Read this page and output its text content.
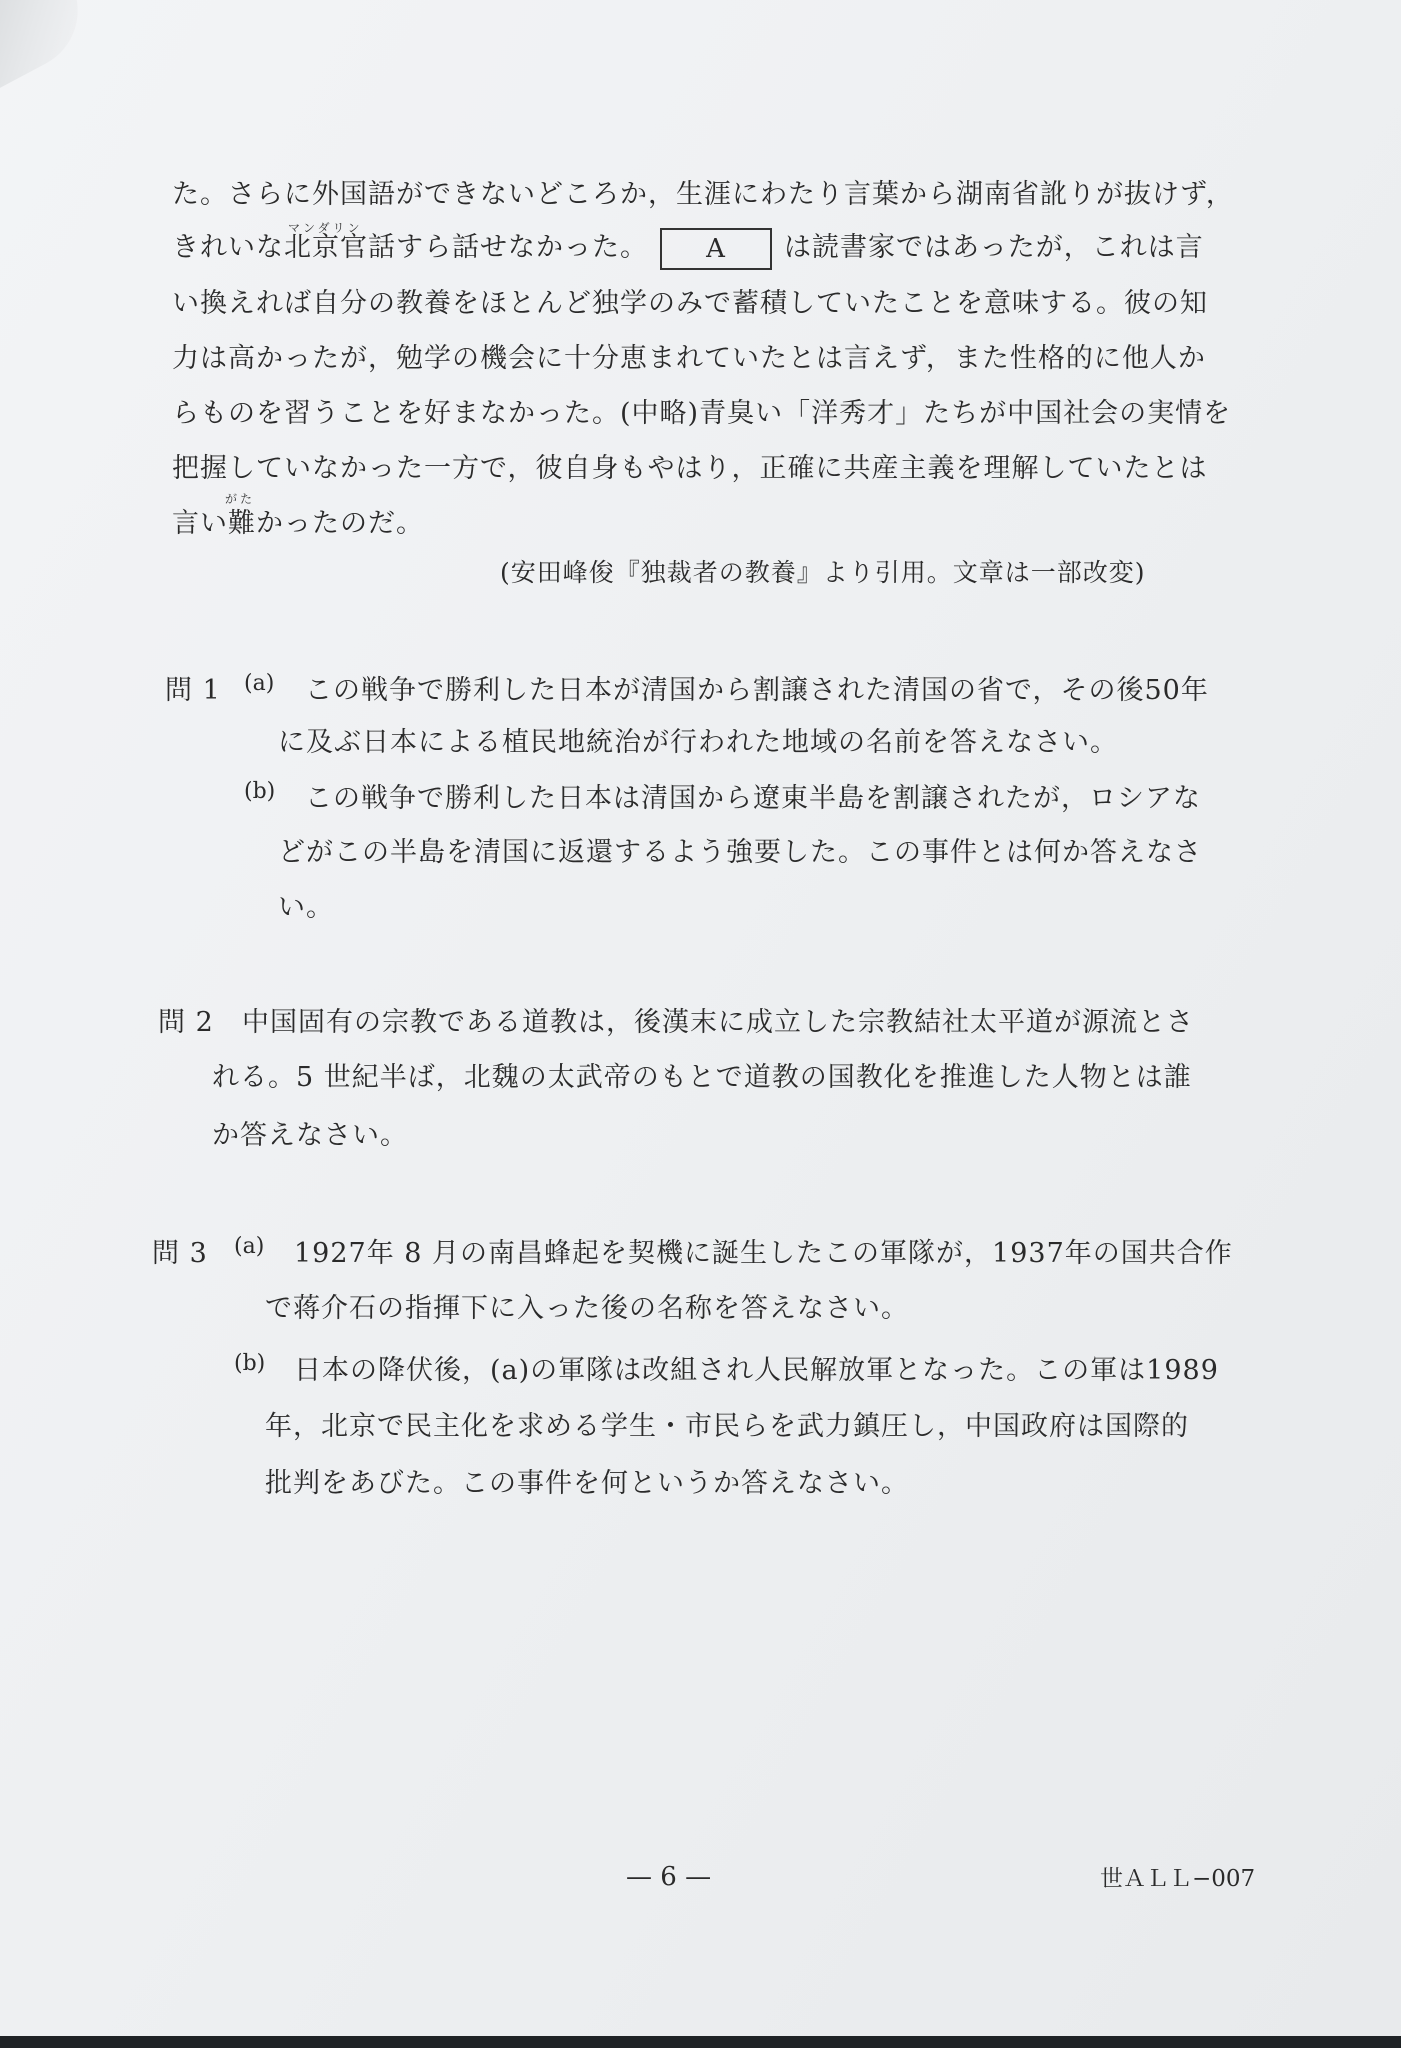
た。さらに外国語ができないどころか，生涯にわたり言葉から湖南省訛りが抜けず，
マンダリン
きれいな北京官話すら話せなかった。 A は読書家ではあったが，これは言
い換えれば自分の教養をほとんど独学のみで蓄積していたことを意味する。彼の知
力は高かったが，勉学の機会に十分恵まれていたとは言えず，また性格的に他人か
らものを習うことを好まなかった。(中略)青臭い「洋秀才」たちが中国社会の実情を
把握していなかった一方で，彼自身もやはり，正確に共産主義を理解していたとは
がた
言い難かったのだ。
(安田峰俊『独裁者の教養』より引用。文章は一部改変)
問 1 (a) この戦争で勝利した日本が清国から割譲された清国の省で，その後50年
に及ぶ日本による植民地統治が行われた地域の名前を答えなさい。
(b) この戦争で勝利した日本は清国から遼東半島を割譲されたが，ロシアな
どがこの半島を清国に返還するよう強要した。この事件とは何か答えなさ
い。
問 2 中国固有の宗教である道教は，後漢末に成立した宗教結社太平道が源流とさ
れる。5 世紀半ば，北魏の太武帝のもとで道教の国教化を推進した人物とは誰
か答えなさい。
問 3 (a) 1927年 8 月の南昌蜂起を契機に誕生したこの軍隊が，1937年の国共合作
で蒋介石の指揮下に入った後の名称を答えなさい。
(b) 日本の降伏後，(a)の軍隊は改組され人民解放軍となった。この軍は1989
年，北京で民主化を求める学生・市民らを武力鎮圧し，中国政府は国際的
批判をあびた。この事件を何というか答えなさい。
— 6 —	世ＡＬＬ−007
